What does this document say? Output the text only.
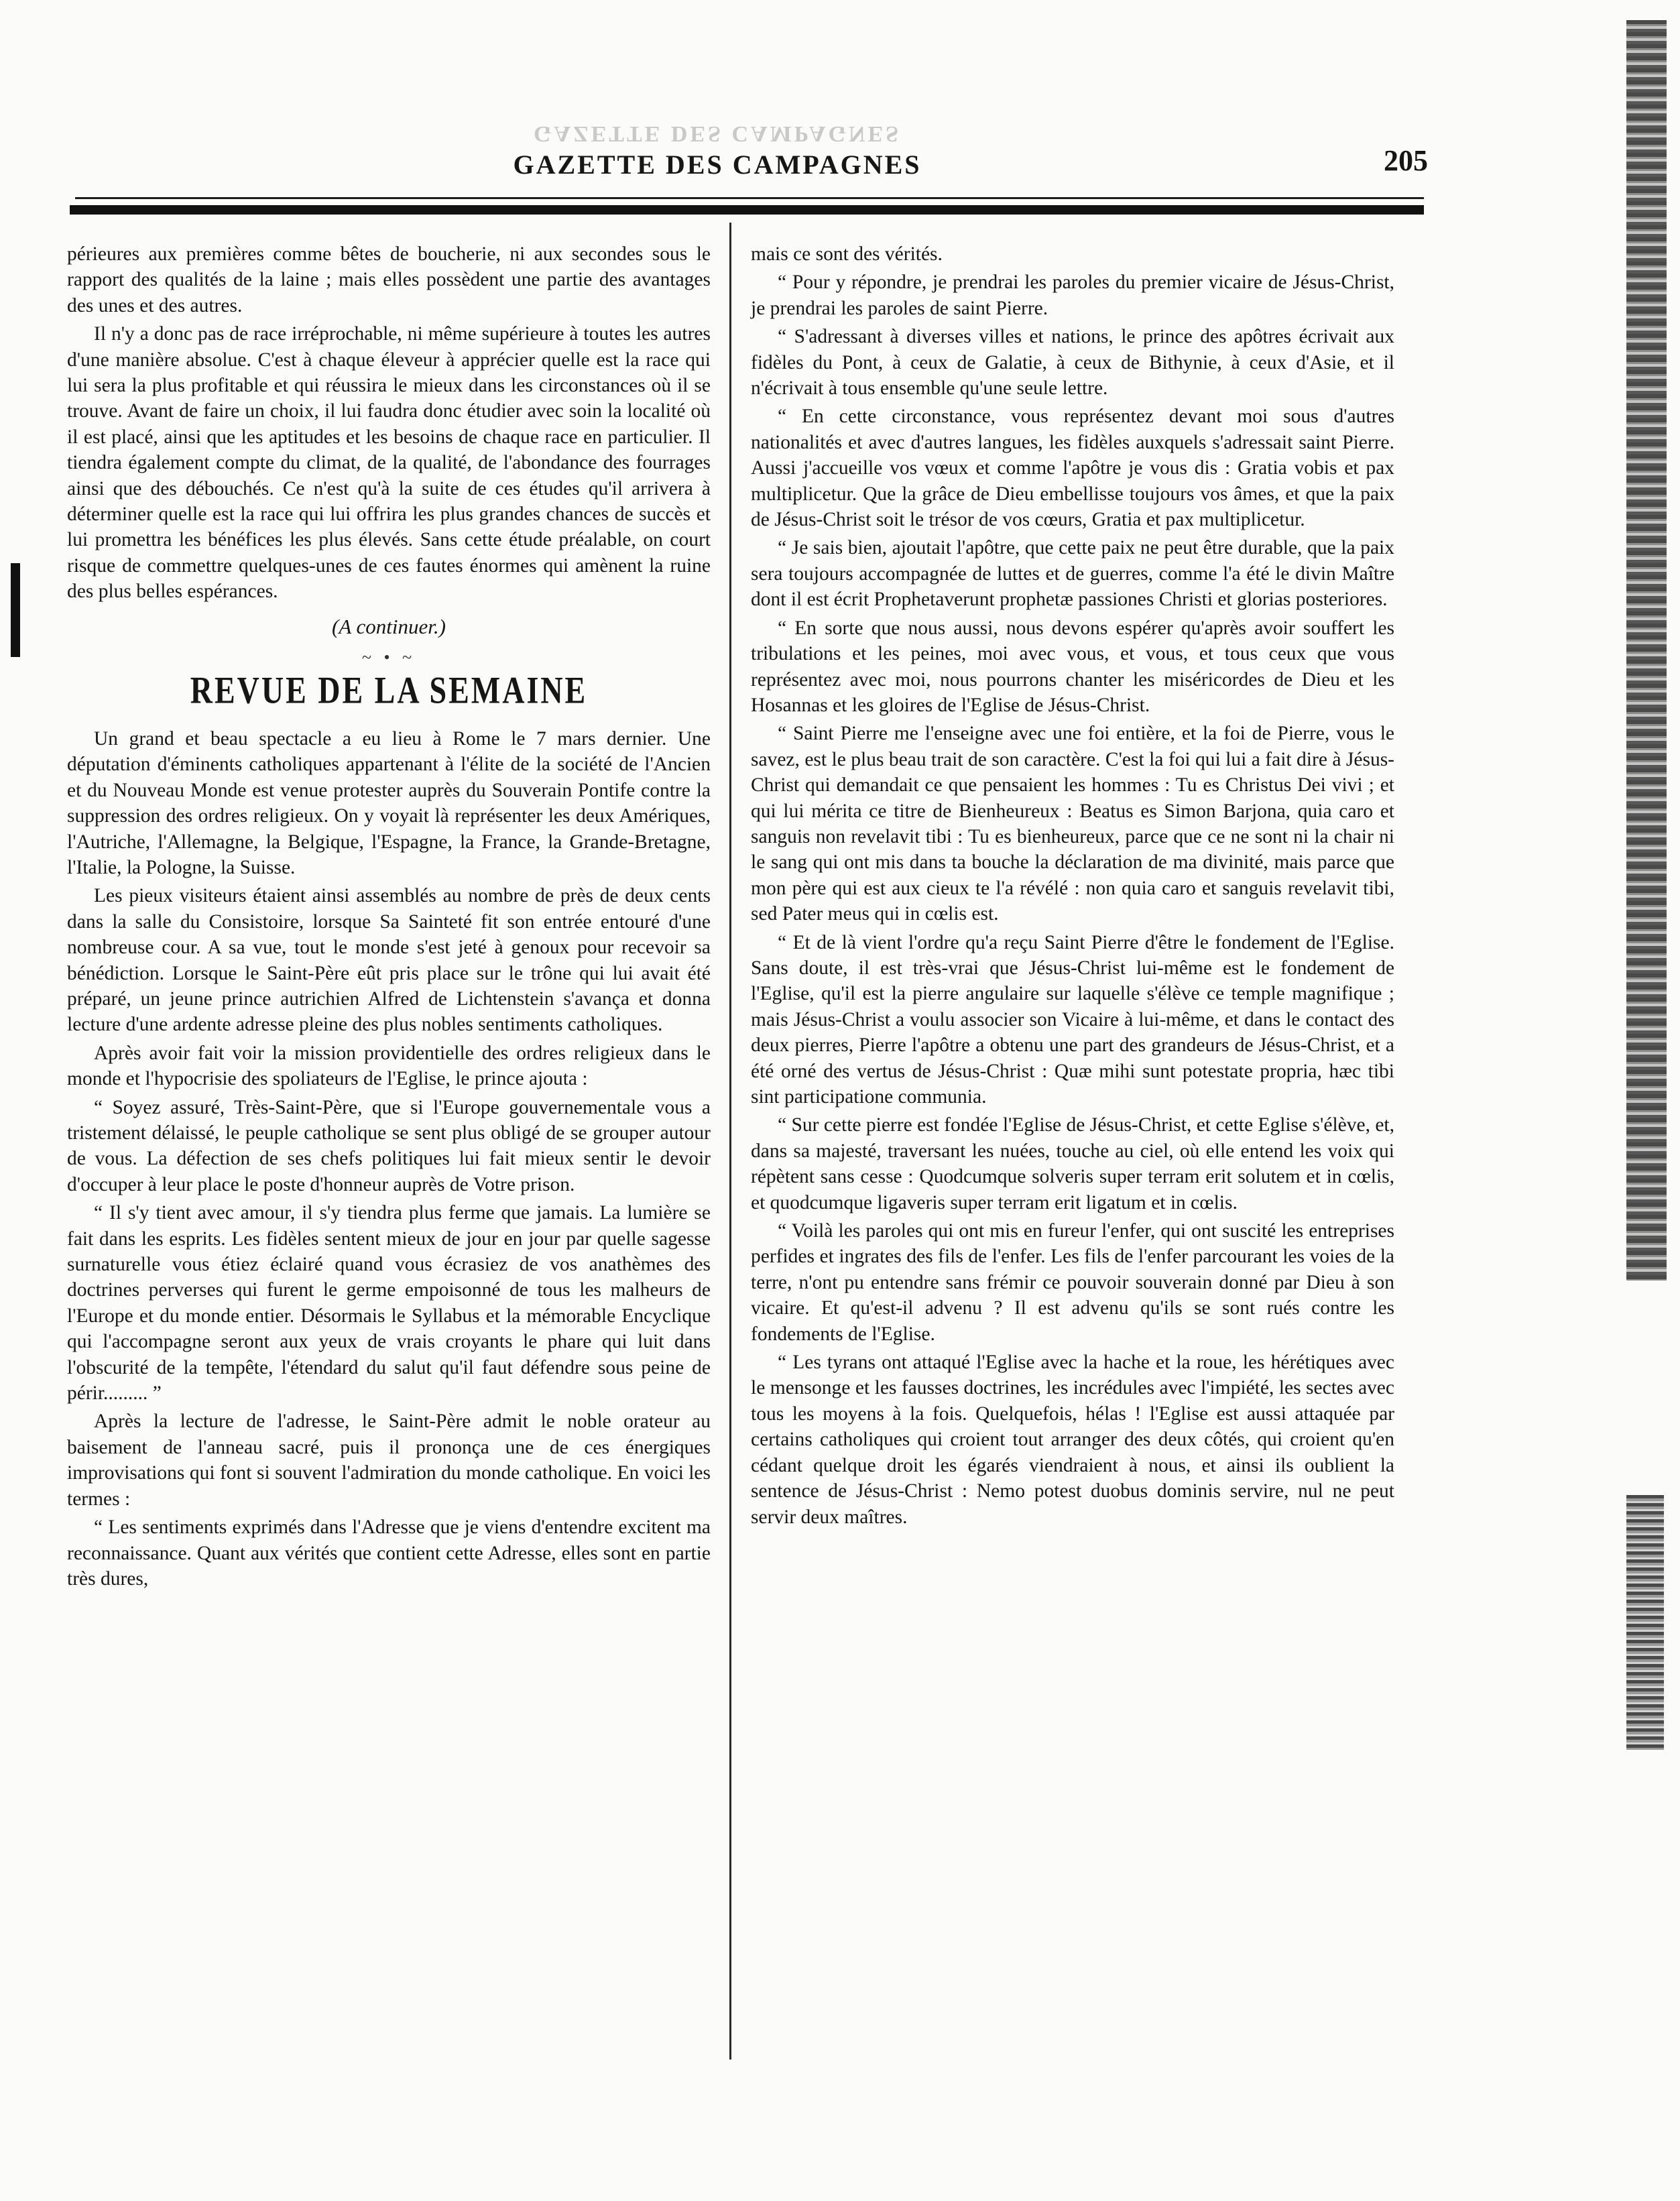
GAZETTE DES CAMPAGNES
GAZETTE DES CAMPAGNES	205

périeures aux premières comme bêtes de boucherie, ni aux secondes sous le rapport des qualités de la laine ; mais elles possèdent une partie des avantages des unes et des autres.

Il n'y a donc pas de race irréprochable, ni même supérieure à toutes les autres d'une manière absolue. C'est à chaque éleveur à apprécier quelle est la race qui lui sera la plus profitable et qui réussira le mieux dans les circonstances où il se trouve. Avant de faire un choix, il lui faudra donc étudier avec soin la localité où il est placé, ainsi que les aptitudes et les besoins de chaque race en particulier. Il tiendra également compte du climat, de la qualité, de l'abondance des fourrages ainsi que des débouchés. Ce n'est qu'à la suite de ces études qu'il arrivera à déterminer quelle est la race qui lui offrira les plus grandes chances de succès et lui promettra les bénéfices les plus élevés. Sans cette étude préalable, on court risque de commettre quelques-unes de ces fautes énormes qui amènent la ruine des plus belles espérances.

(A continuer.)
~ • ~
REVUE DE LA SEMAINE

Un grand et beau spectacle a eu lieu à Rome le 7 mars dernier. Une députation d'éminents catholiques appartenant à l'élite de la société de l'Ancien et du Nouveau Monde est venue protester auprès du Souverain Pontife contre la suppression des ordres religieux. On y voyait là représenter les deux Amériques, l'Autriche, l'Allemagne, la Belgique, l'Espagne, la France, la Grande-Bretagne, l'Italie, la Pologne, la Suisse.

Les pieux visiteurs étaient ainsi assemblés au nombre de près de deux cents dans la salle du Consistoire, lorsque Sa Sainteté fit son entrée entouré d'une nombreuse cour. A sa vue, tout le monde s'est jeté à genoux pour recevoir sa bénédiction. Lorsque le Saint-Père eût pris place sur le trône qui lui avait été préparé, un jeune prince autrichien Alfred de Lichtenstein s'avança et donna lecture d'une ardente adresse pleine des plus nobles sentiments catholiques.

Après avoir fait voir la mission providentielle des ordres religieux dans le monde et l'hypocrisie des spoliateurs de l'Eglise, le prince ajouta :

“ Soyez assuré, Très-Saint-Père, que si l'Europe gouvernementale vous a tristement délaissé, le peuple catholique se sent plus obligé de se grouper autour de vous. La défection de ses chefs politiques lui fait mieux sentir le devoir d'occuper à leur place le poste d'honneur auprès de Votre prison.

“ Il s'y tient avec amour, il s'y tiendra plus ferme que jamais. La lumière se fait dans les esprits. Les fidèles sentent mieux de jour en jour par quelle sagesse surnaturelle vous étiez éclairé quand vous écrasiez de vos anathèmes des doctrines perverses qui furent le germe empoisonné de tous les malheurs de l'Europe et du monde entier. Désormais le Syllabus et la mémorable Encyclique qui l'accompagne seront aux yeux de vrais croyants le phare qui luit dans l'obscurité de la tempête, l'étendard du salut qu'il faut défendre sous peine de périr......... ”

Après la lecture de l'adresse, le Saint-Père admit le noble orateur au baisement de l'anneau sacré, puis il prononça une de ces énergiques improvisations qui font si souvent l'admiration du monde catholique. En voici les termes :

“ Les sentiments exprimés dans l'Adresse que je viens d'entendre excitent ma reconnaissance. Quant aux vérités que contient cette Adresse, elles sont en partie très dures,

mais ce sont des vérités.

“ Pour y répondre, je prendrai les paroles du premier vicaire de Jésus-Christ, je prendrai les paroles de saint Pierre.

“ S'adressant à diverses villes et nations, le prince des apôtres écrivait aux fidèles du Pont, à ceux de Galatie, à ceux de Bithynie, à ceux d'Asie, et il n'écrivait à tous ensemble qu'une seule lettre.

“ En cette circonstance, vous représentez devant moi sous d'autres nationalités et avec d'autres langues, les fidèles auxquels s'adressait saint Pierre. Aussi j'accueille vos vœux et comme l'apôtre je vous dis : Gratia vobis et pax multiplicetur. Que la grâce de Dieu embellisse toujours vos âmes, et que la paix de Jésus-Christ soit le trésor de vos cœurs, Gratia et pax multiplicetur.

“ Je sais bien, ajoutait l'apôtre, que cette paix ne peut être durable, que la paix sera toujours accompagnée de luttes et de guerres, comme l'a été le divin Maître dont il est écrit Prophetaverunt prophetæ passiones Christi et glorias posteriores.

“ En sorte que nous aussi, nous devons espérer qu'après avoir souffert les tribulations et les peines, moi avec vous, et vous, et tous ceux que vous représentez avec moi, nous pourrons chanter les miséricordes de Dieu et les Hosannas et les gloires de l'Eglise de Jésus-Christ.

“ Saint Pierre me l'enseigne avec une foi entière, et la foi de Pierre, vous le savez, est le plus beau trait de son caractère. C'est la foi qui lui a fait dire à Jésus-Christ qui demandait ce que pensaient les hommes : Tu es Christus Dei vivi ; et qui lui mérita ce titre de Bienheureux : Beatus es Simon Barjona, quia caro et sanguis non revelavit tibi : Tu es bienheureux, parce que ce ne sont ni la chair ni le sang qui ont mis dans ta bouche la déclaration de ma divinité, mais parce que mon père qui est aux cieux te l'a révélé : non quia caro et sanguis revelavit tibi, sed Pater meus qui in cœlis est.

“ Et de là vient l'ordre qu'a reçu Saint Pierre d'être le fondement de l'Eglise. Sans doute, il est très-vrai que Jésus-Christ lui-même est le fondement de l'Eglise, qu'il est la pierre angulaire sur laquelle s'élève ce temple magnifique ; mais Jésus-Christ a voulu associer son Vicaire à lui-même, et dans le contact des deux pierres, Pierre l'apôtre a obtenu une part des grandeurs de Jésus-Christ, et a été orné des vertus de Jésus-Christ : Quæ mihi sunt potestate propria, hæc tibi sint participatione communia.

“ Sur cette pierre est fondée l'Eglise de Jésus-Christ, et cette Eglise s'élève, et, dans sa majesté, traversant les nuées, touche au ciel, où elle entend les voix qui répètent sans cesse : Quodcumque solveris super terram erit solutem et in cœlis, et quodcumque ligaveris super terram erit ligatum et in cœlis.

“ Voilà les paroles qui ont mis en fureur l'enfer, qui ont suscité les entreprises perfides et ingrates des fils de l'enfer. Les fils de l'enfer parcourant les voies de la terre, n'ont pu entendre sans frémir ce pouvoir souverain donné par Dieu à son vicaire. Et qu'est-il advenu ? Il est advenu qu'ils se sont rués contre les fondements de l'Eglise.

“ Les tyrans ont attaqué l'Eglise avec la hache et la roue, les hérétiques avec le mensonge et les fausses doctrines, les incrédules avec l'impiété, les sectes avec tous les moyens à la fois. Quelquefois, hélas ! l'Eglise est aussi attaquée par certains catholiques qui croient tout arranger des deux côtés, qui croient qu'en cédant quelque droit les égarés viendraient à nous, et ainsi ils oublient la sentence de Jésus-Christ : Nemo potest duobus dominis servire, nul ne peut servir deux maîtres.
